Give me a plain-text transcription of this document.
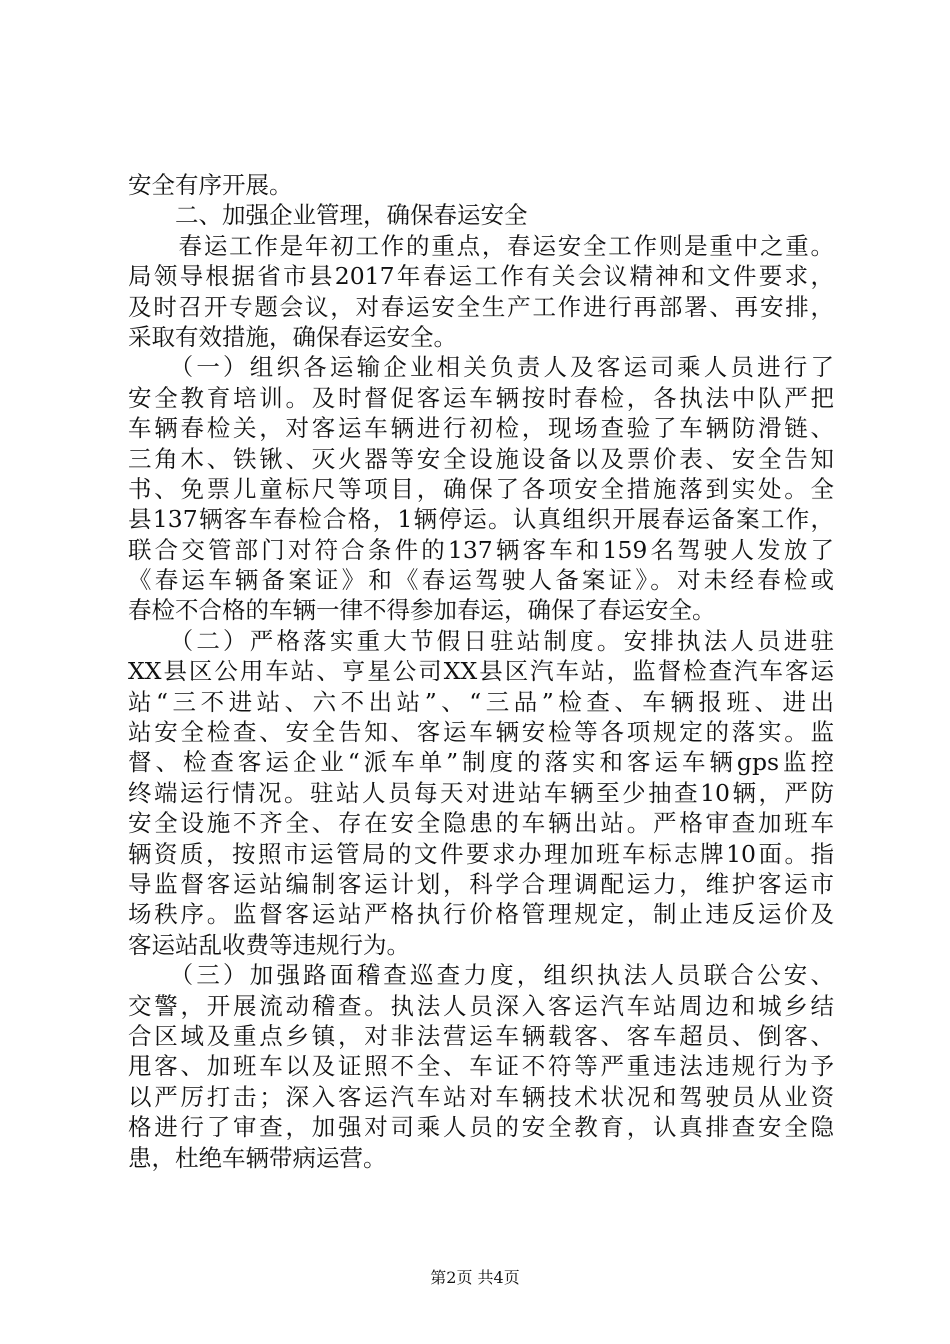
安全有序开展。
　　二、加强企业管理，确保春运安全
　　春运工作是年初工作的重点，春运安全工作则是重中之重。
局领导根据省市县2017年春运工作有关会议精神和文件要求，
及时召开专题会议，对春运安全生产工作进行再部署、再安排，
采取有效措施，确保春运安全。
　　（一）组织各运输企业相关负责人及客运司乘人员进行了
安全教育培训。及时督促客运车辆按时春检，各执法中队严把
车辆春检关，对客运车辆进行初检，现场查验了车辆防滑链、
三角木、铁锹、灭火器等安全设施设备以及票价表、安全告知
书、免票儿童标尺等项目，确保了各项安全措施落到实处。全
县137辆客车春检合格，1辆停运。认真组织开展春运备案工作，
联合交管部门对符合条件的137辆客车和159名驾驶人发放了
《春运车辆备案证》和《春运驾驶人备案证》。对未经春检或
春检不合格的车辆一律不得参加春运，确保了春运安全。
　　（二）严格落实重大节假日驻站制度。安排执法人员进驻
XX县区公用车站、亨星公司XX县区汽车站，监督检查汽车客运
站“三不进站、六不出站”、“三品”检查、车辆报班、进出
站安全检查、安全告知、客运车辆安检等各项规定的落实。监
督、检查客运企业“派车单”制度的落实和客运车辆gps监控
终端运行情况。驻站人员每天对进站车辆至少抽查10辆，严防
安全设施不齐全、存在安全隐患的车辆出站。严格审查加班车
辆资质，按照市运管局的文件要求办理加班车标志牌10面。指
导监督客运站编制客运计划，科学合理调配运力，维护客运市
场秩序。监督客运站严格执行价格管理规定，制止违反运价及
客运站乱收费等违规行为。
　　（三）加强路面稽查巡查力度，组织执法人员联合公安、
交警，开展流动稽查。执法人员深入客运汽车站周边和城乡结
合区域及重点乡镇，对非法营运车辆载客、客车超员、倒客、
甩客、加班车以及证照不全、车证不符等严重违法违规行为予
以严厉打击；深入客运汽车站对车辆技术状况和驾驶员从业资
格进行了审查，加强对司乘人员的安全教育，认真排查安全隐
患，杜绝车辆带病运营。
第2页 共4页
